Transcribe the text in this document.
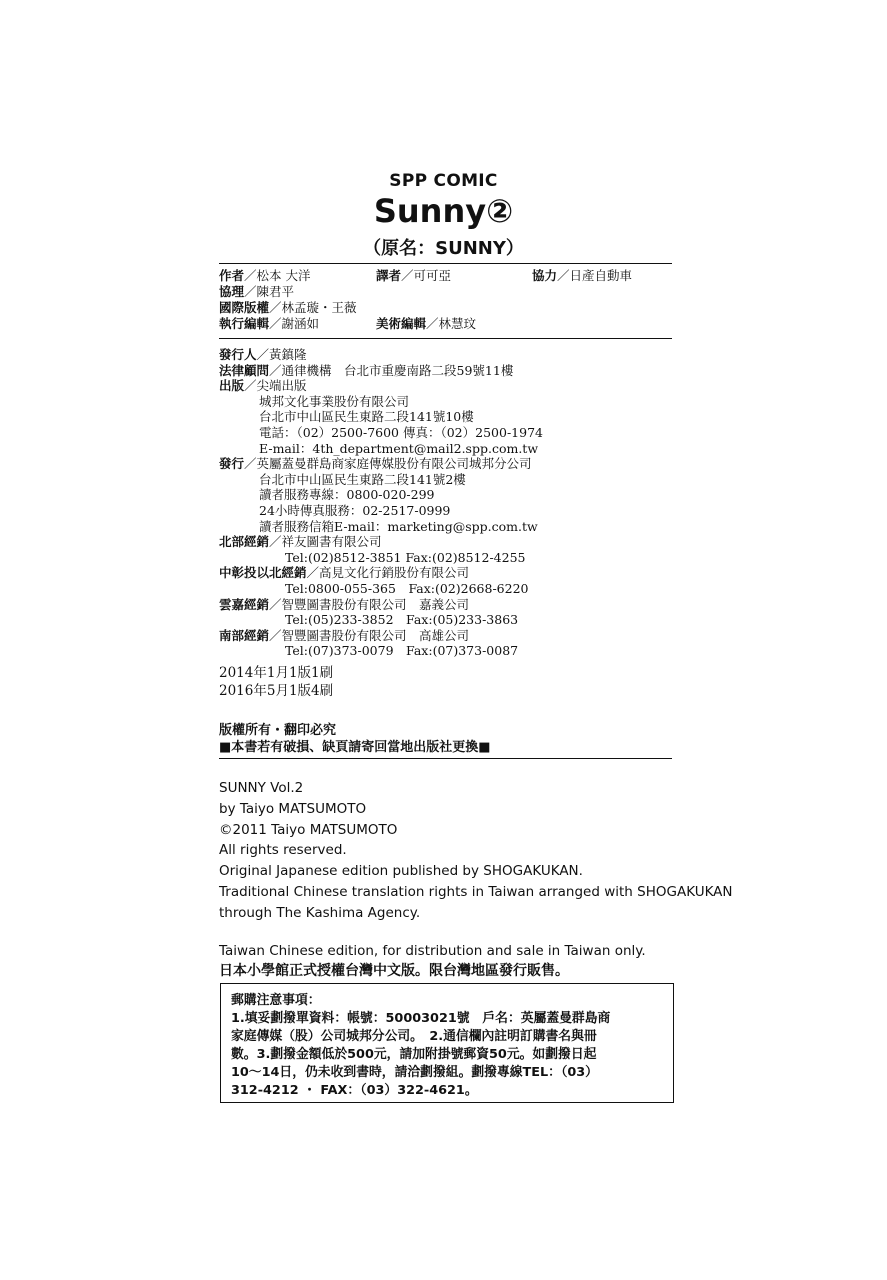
SPP COMIC
Sunny②
（原名：SUNNY）
作者／松本 大洋	譯者／可可亞	協力／日產自動車
協理／陳君平
國際版權／林孟璇・王薇
執行編輯／謝涵如	美術編輯／林慧玟
發行人／黃鎮隆
法律顧問／通律機構　台北市重慶南路二段59號11樓
出版／尖端出版
城邦文化事業股份有限公司
台北市中山區民生東路二段141號10樓
電話：（02）2500-7600 傳真：（02）2500-1974
E-mail：4th_department@mail2.spp.com.tw
發行／英屬蓋曼群島商家庭傳媒股份有限公司城邦分公司
台北市中山區民生東路二段141號2樓
讀者服務專線：0800-020-299
24小時傳真服務：02-2517-0999
讀者服務信箱E-mail：marketing@spp.com.tw
北部經銷／祥友圖書有限公司
Tel:(02)8512-3851 Fax:(02)8512-4255
中彰投以北經銷／高見文化行銷股份有限公司
Tel:0800-055-365　Fax:(02)2668-6220
雲嘉經銷／智豐圖書股份有限公司　嘉義公司
Tel:(05)233-3852　Fax:(05)233-3863
南部經銷／智豐圖書股份有限公司　高雄公司
Tel:(07)373-0079　Fax:(07)373-0087
2014年1月1版1刷
2016年5月1版4刷
版權所有・翻印必究
■本書若有破損、缺頁請寄回當地出版社更換■
SUNNY Vol.2
by Taiyo MATSUMOTO
©2011 Taiyo MATSUMOTO
All rights reserved.
Original Japanese edition published by SHOGAKUKAN.
Traditional Chinese translation rights in Taiwan arranged with SHOGAKUKAN
through The Kashima Agency.
Taiwan Chinese edition, for distribution and sale in Taiwan only.
日本小學館正式授權台灣中文版。限台灣地區發行販售。
郵購注意事項：
1.填妥劃撥單資料：帳號：50003021號　戶名：英屬蓋曼群島商
家庭傳媒（股）公司城邦分公司。　2.通信欄內註明訂購書名與冊
數。3.劃撥金額低於500元，請加附掛號郵資50元。如劃撥日起
10〜14日，仍未收到書時，請洽劃撥組。劃撥專線TEL：（03）
312-4212 ・ FAX：（03）322-4621。
